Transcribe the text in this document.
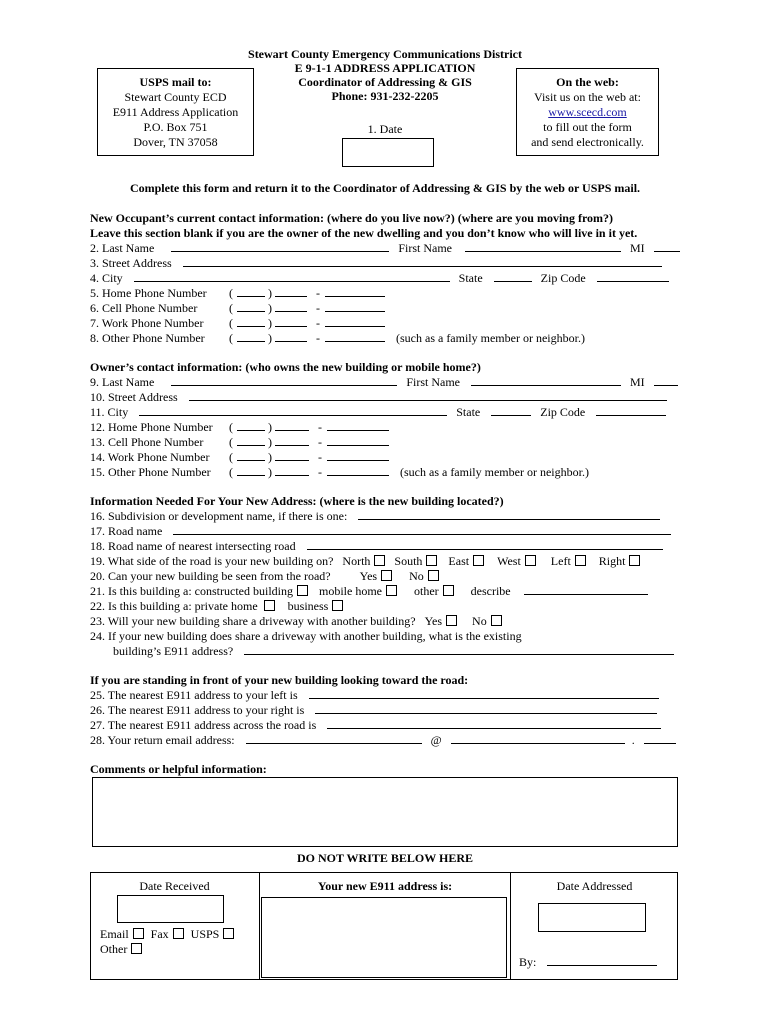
Stewart County Emergency Communications District
E 9-1-1 ADDRESS APPLICATION
Coordinator of Addressing & GIS
Phone: 931-232-2205
1. Date

USPS mail to:

Stewart County ECD

E911 Address Application

P.O. Box 751

Dover, TN 37058

On the web:

Visit us on the web at:

www.scecd.com

to fill out the form

and send electronically.

Complete this form and return it to the Coordinator of Addressing & GIS by the web or USPS mail.
New Occupant’s current contact information: (where do you live now?) (where are you moving from?)
Leave this section blank if you are the owner of the new dwelling and you don’t know who will live in it yet.
2. Last Name	First Name	MI
3. Street Address
4. City	State	Zip Code
5. Home Phone Number (	)	-
6. Cell Phone Number	(	)	-
7. Work Phone Number (	)	-
8. Other Phone Number (	)	-	(such as a family member or neighbor.)
Owner’s contact information: (who owns the new building or mobile home?)
9. Last Name	First Name	MI
10. Street Address
11. City	State	Zip Code
12. Home Phone Number (	)	-
13. Cell Phone Number (	)	-
14. Work Phone Number (	)	-
15. Other Phone Number (	)	-	(such as a family member or neighbor.)
Information Needed For Your New Address: (where is the new building located?)
16. Subdivision or development name, if there is one:
17. Road name
18. Road name of nearest intersecting road
19. What side of the road is your new building on? North South East West	Left Right
20. Can your new building be seen from the road? Yes	No
21. Is this building a: constructed building mobile home	other	describe
22. Is this building a: private home	business
23. Will your new building share a driveway with another building? Yes	No
24. If your new building does share a driveway with another building, what is the existing
building’s E911 address?
If you are standing in front of your new building looking toward the road:
25. The nearest E911 address to your left is
26. The nearest E911 address to your right is
27. The nearest E911 address across the road is
28. Your return email address:	@	.
Comments or helpful information:
DO NOT WRITE BELOW HERE
Date Received
Email Fax USPS
Other
Your new E911 address is:	Date Addressed
By:
